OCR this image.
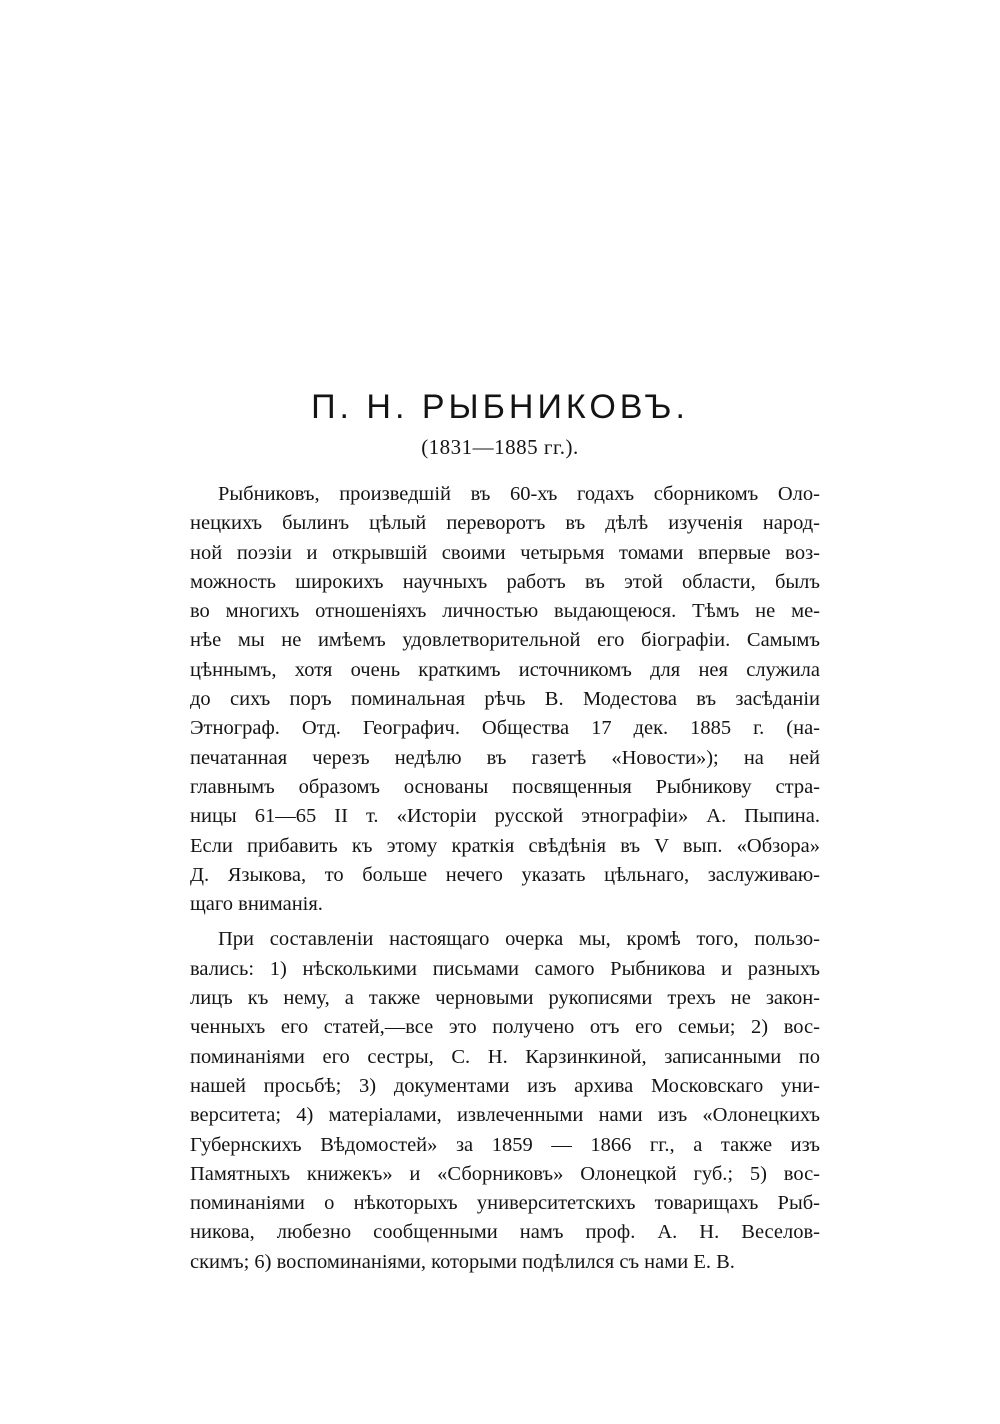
П. Н. РЫБНИКОВЪ.
(1831—1885 гг.).

Рыбниковъ, произведшій въ 60-хъ годахъ сборникомъ Оло-
нецкихъ былинъ цѣлый переворотъ въ дѣлѣ изученія народ-
ной поэзіи и открывшій своими четырьмя томами впервые воз-
можность широкихъ научныхъ работъ въ этой области, былъ
во многихъ отношеніяхъ личностью выдающеюся. Тѣмъ не ме-
нѣе мы не имѣемъ удовлетворительной его біографіи. Самымъ
цѣннымъ, хотя очень краткимъ источникомъ для нея служила
до сихъ поръ поминальная рѣчь В. Модестова въ засѣданіи
Этнограф. Отд. Географич. Общества 17 дек. 1885 г. (на-
печатанная черезъ недѣлю въ газетѣ «Новости»); на ней
главнымъ образомъ основаны посвященныя Рыбникову стра-
ницы 61—65 II т. «Исторіи русской этнографіи» А. Пыпина.
Если прибавить къ этому краткія свѣдѣнія въ V вып. «Обзора»
Д. Языкова, то больше нечего указать цѣльнаго, заслуживаю-
щаго вниманія.

При составленіи настоящаго очерка мы, кромѣ того, пользо-
вались: 1) нѣсколькими письмами самого Рыбникова и разныхъ
лицъ къ нему, а также черновыми рукописями трехъ не закон-
ченныхъ его статей,—все это получено отъ его семьи; 2) вос-
поминаніями его сестры, С. Н. Карзинкиной, записанными по
нашей просьбѣ; 3) документами изъ архива Московскаго уни-
верситета; 4) матеріалами, извлеченными нами изъ «Олонецкихъ
Губернскихъ Вѣдомостей» за 1859 — 1866 гг., а также изъ
Памятныхъ книжекъ» и «Сборниковъ» Олонецкой губ.; 5) вос-
поминаніями о нѣкоторыхъ университетскихъ товарищахъ Рыб-
никова, любезно сообщенными намъ проф. А. Н. Веселов-
скимъ; 6) воспоминаніями, которыми подѣлился съ нами Е. В.
